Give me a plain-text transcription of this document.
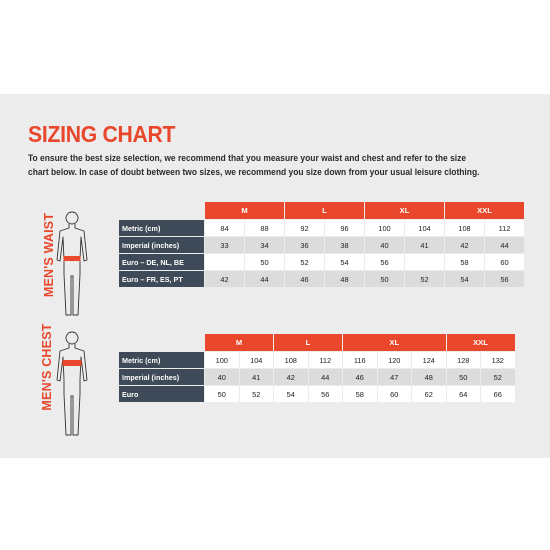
SIZING CHART
To ensure the best size selection, we recommend that you measure your waist and chest and refer to the size
chart below. In case of doubt between two sizes, we recommend you size down from your usual leisure clothing.
MEN'S WAIST
	M		L		XL		XXL	
Metric (cm)	84	88	92	96	100	104	108	112
Imperial (inches)	33	34	36	38	40	41	42	44
Euro – DE, NL, BE		50	52	54	56		58	60
Euro – FR, ES, PT	42	44	46	48	50	52	54	56
MEN'S CHEST
		M		L		XL			XXL	
Metric (cm)	100	104	108	112	116	120	124	128	132
Imperial (inches)	40	41	42	44	46	47	48	50	52
Euro	50	52	54	56	58	60	62	64	66
